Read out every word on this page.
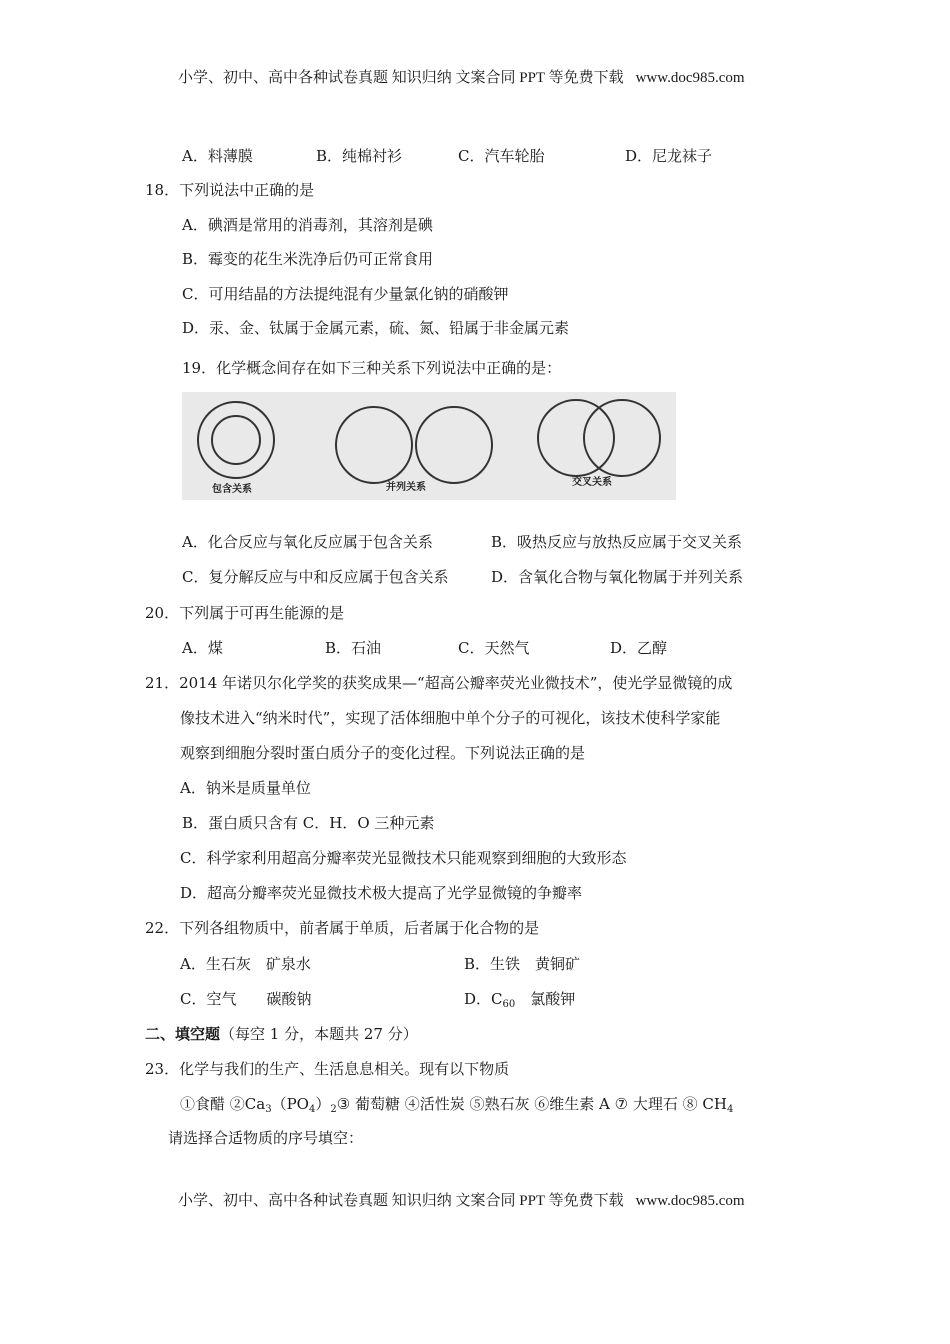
小学、初中、高中各种试卷真题 知识归纳 文案合同 PPT 等免费下载 www.doc985.com
A．料薄膜	B．纯棉衬衫	C．汽车轮胎	D．尼龙袜子
18．下列说法中正确的是
A．碘酒是常用的消毒剂，其溶剂是碘
B．霉变的花生米洗净后仍可正常食用
C．可用结晶的方法提纯混有少量氯化钠的硝酸钾
D．汞、金、钛属于金属元素，硫、氮、铅属于非金属元素
19．化学概念间存在如下三种关系下列说法中正确的是：
包含关系	并列关系	交叉关系
A．化合反应与氧化反应属于包含关系	B．吸热反应与放热反应属于交叉关系
C．复分解反应与中和反应属于包含关系	D．含氧化合物与氧化物属于并列关系
20．下列属于可再生能源的是
A．煤	B．石油	C．天然气	D．乙醇
21．2014 年诺贝尔化学奖的获奖成果—“超高公瓣率荧光业微技术”，使光学显微镜的成
像技术进入“纳米时代”，实现了活体细胞中单个分子的可视化，该技术使科学家能
观察到细胞分裂时蛋白质分子的变化过程。下列说法正确的是
A．钠米是质量单位
B．蛋白质只含有 C．H．O 三种元素
C．科学家利用超高分瓣率荧光显微技术只能观察到细胞的大致形态
D．超高分瓣率荧光显微技术极大提高了光学显微镜的争瓣率
22．下列各组物质中，前者属于单质，后者属于化合物的是
A．生石灰　矿泉水	B．生铁　黄铜矿
C．空气　　碳酸钠	D．$C_{60}$　氯酸钾
二、填空题（每空 1 分，本题共 27 分）
23．化学与我们的生产、生活息息相关。现有以下物质
①食醋 $②Ca_3(PO_4)_2③$ 葡萄糖 ④活性炭 ⑤熟石灰 ⑥维生素 A ⑦ 大理石 ⑧ $CH_4$
请选择合适物质的序号填空：
小学、初中、高中各种试卷真题 知识归纳 文案合同 PPT 等免费下载 www.doc985.com
